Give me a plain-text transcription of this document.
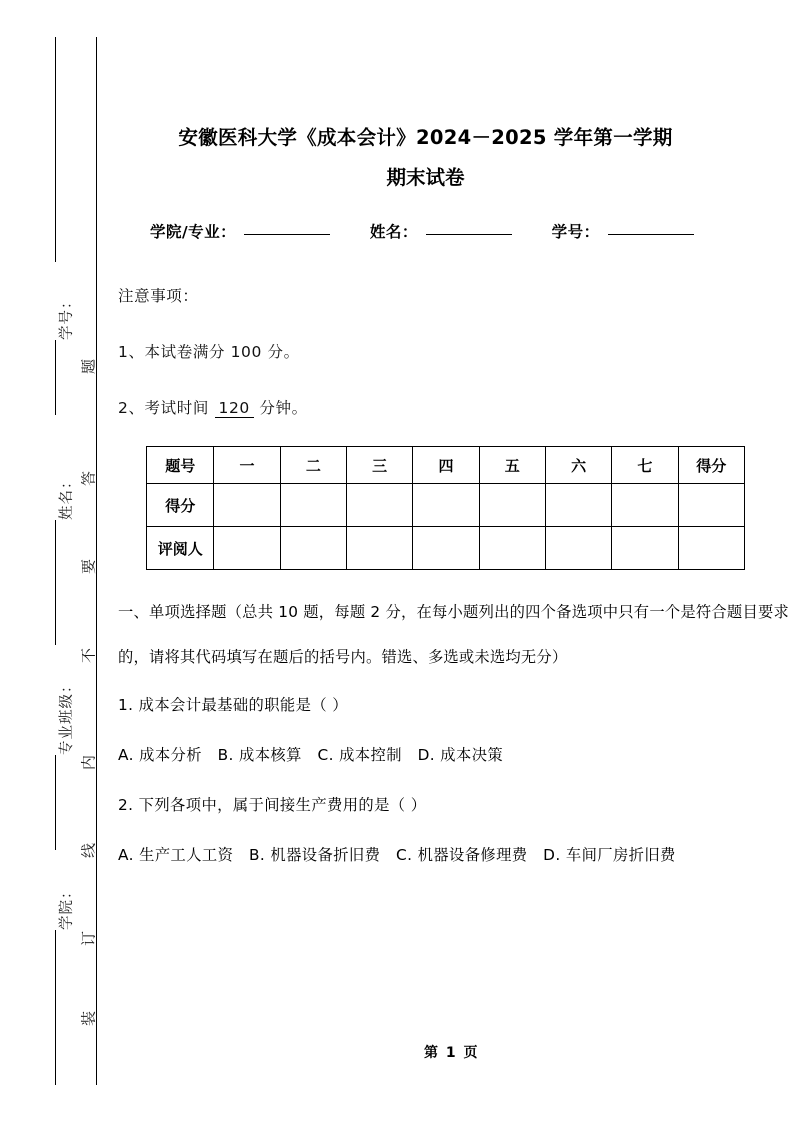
学号：
姓名：
专业班级：
学院：
题
答
要
不
内
线
订
装
安徽医科大学《成本会计》2024－2025 学年第一学期
期末试卷
学院/专业：	姓名：	学号：
注意事项：
1、本试卷满分 100 分。
2、考试时间 120 分钟。
题号	一	二	三	四	五	六	七	得分
得分								
评阅人								
一、单项选择题（总共 10 题，每题 2 分，在每小题列出的四个备选项中只有一个是符合题目要求的，请将其代码填写在题后的括号内。错选、多选或未选均无分）
1. 成本会计最基础的职能是（ ）
A. 成本分析　B. 成本核算　C. 成本控制　D. 成本决策
2. 下列各项中，属于间接生产费用的是（ ）
A. 生产工人工资　B. 机器设备折旧费　C. 机器设备修理费　D. 车间厂房折旧费
第 1 页
